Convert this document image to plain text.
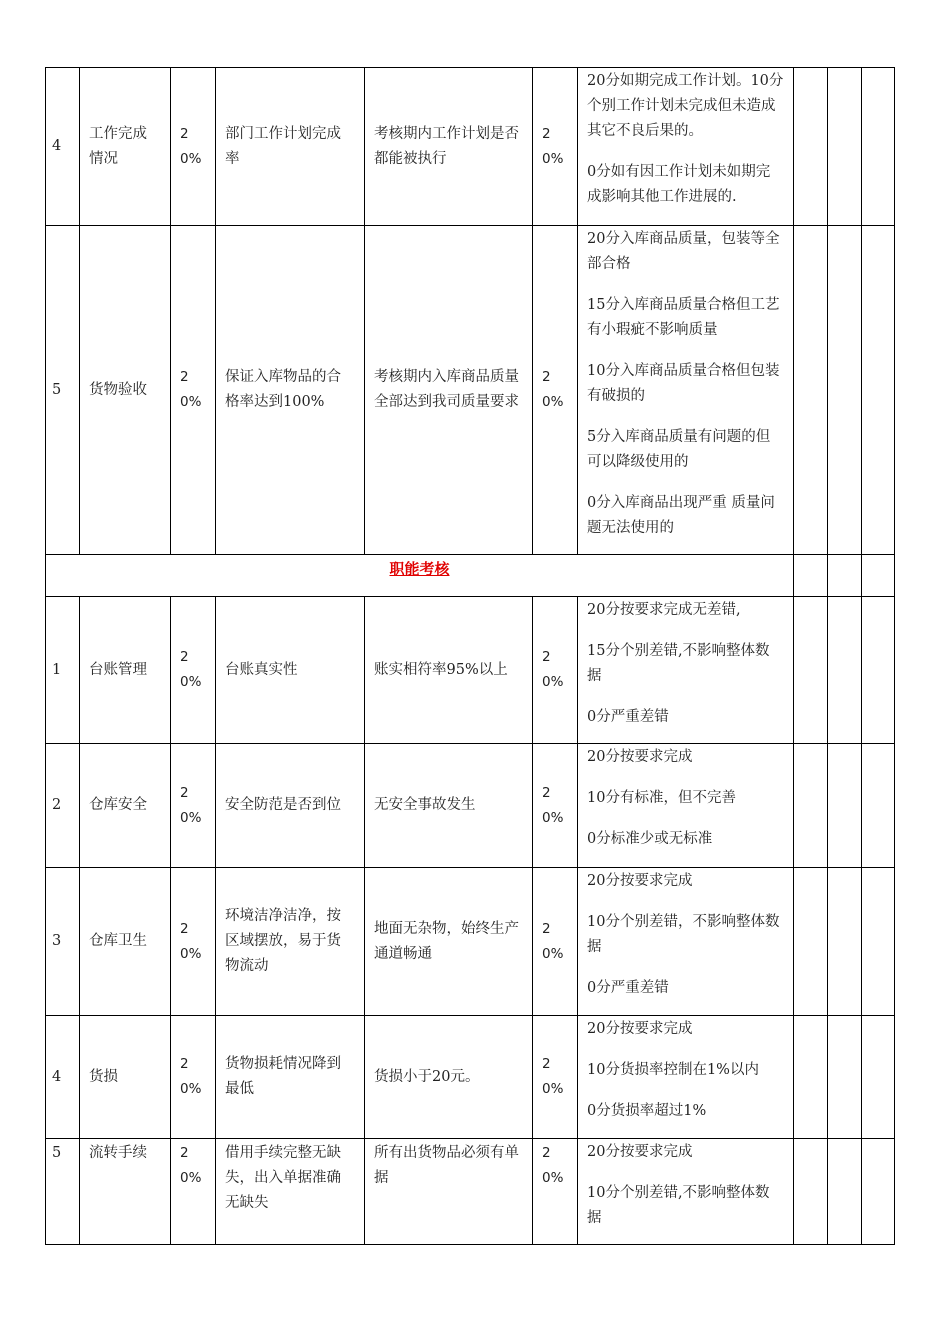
4	工作完成情况	20%	部门工作计划完成率	考核期内工作计划是否都能被执行	20%	20分如期完成工作计划。10分个别工作计划未完成但未造成其它不良后果的。

0分如有因工作计划未如期完成影响其他工作进展的.			

5	货物验收	20%	保证入库物品的合格率达到100%	考核期内入库商品质量全部达到我司质量要求	20%	20分入库商品质量，包装等全部合格

15分入库商品质量合格但工艺有小瑕疵不影响质量

10分入库商品质量合格但包装有破损的

5分入库商品质量有问题的但可以降级使用的

0分入库商品出现严重 质量问题无法使用的			

职能考核									
1	台账管理	20%	台账真实性	账实相符率95%以上	20%	20分按要求完成无差错,

15分个别差错,不影响整体数据

0分严重差错			

2	仓库安全	20%	安全防范是否到位	无安全事故发生	20%	20分按要求完成

10分有标准，但不完善

0分标准少或无标准			

3	仓库卫生	20%	环境洁净洁净，按区域摆放，易于货物流动	地面无杂物，始终生产通道畅通	20%	20分按要求完成

10分个别差错，不影响整体数据

0分严重差错			

4	货损	20%	货物损耗情况降到最低	货损小于20元。	20%	20分按要求完成

10分货损率控制在1%以内

0分货损率超过1%			

5	流转手续	20%	借用手续完整无缺失，出入单据准确无缺失	所有出货物品必须有单据	20%	20分按要求完成

10分个别差错,不影响整体数据			
